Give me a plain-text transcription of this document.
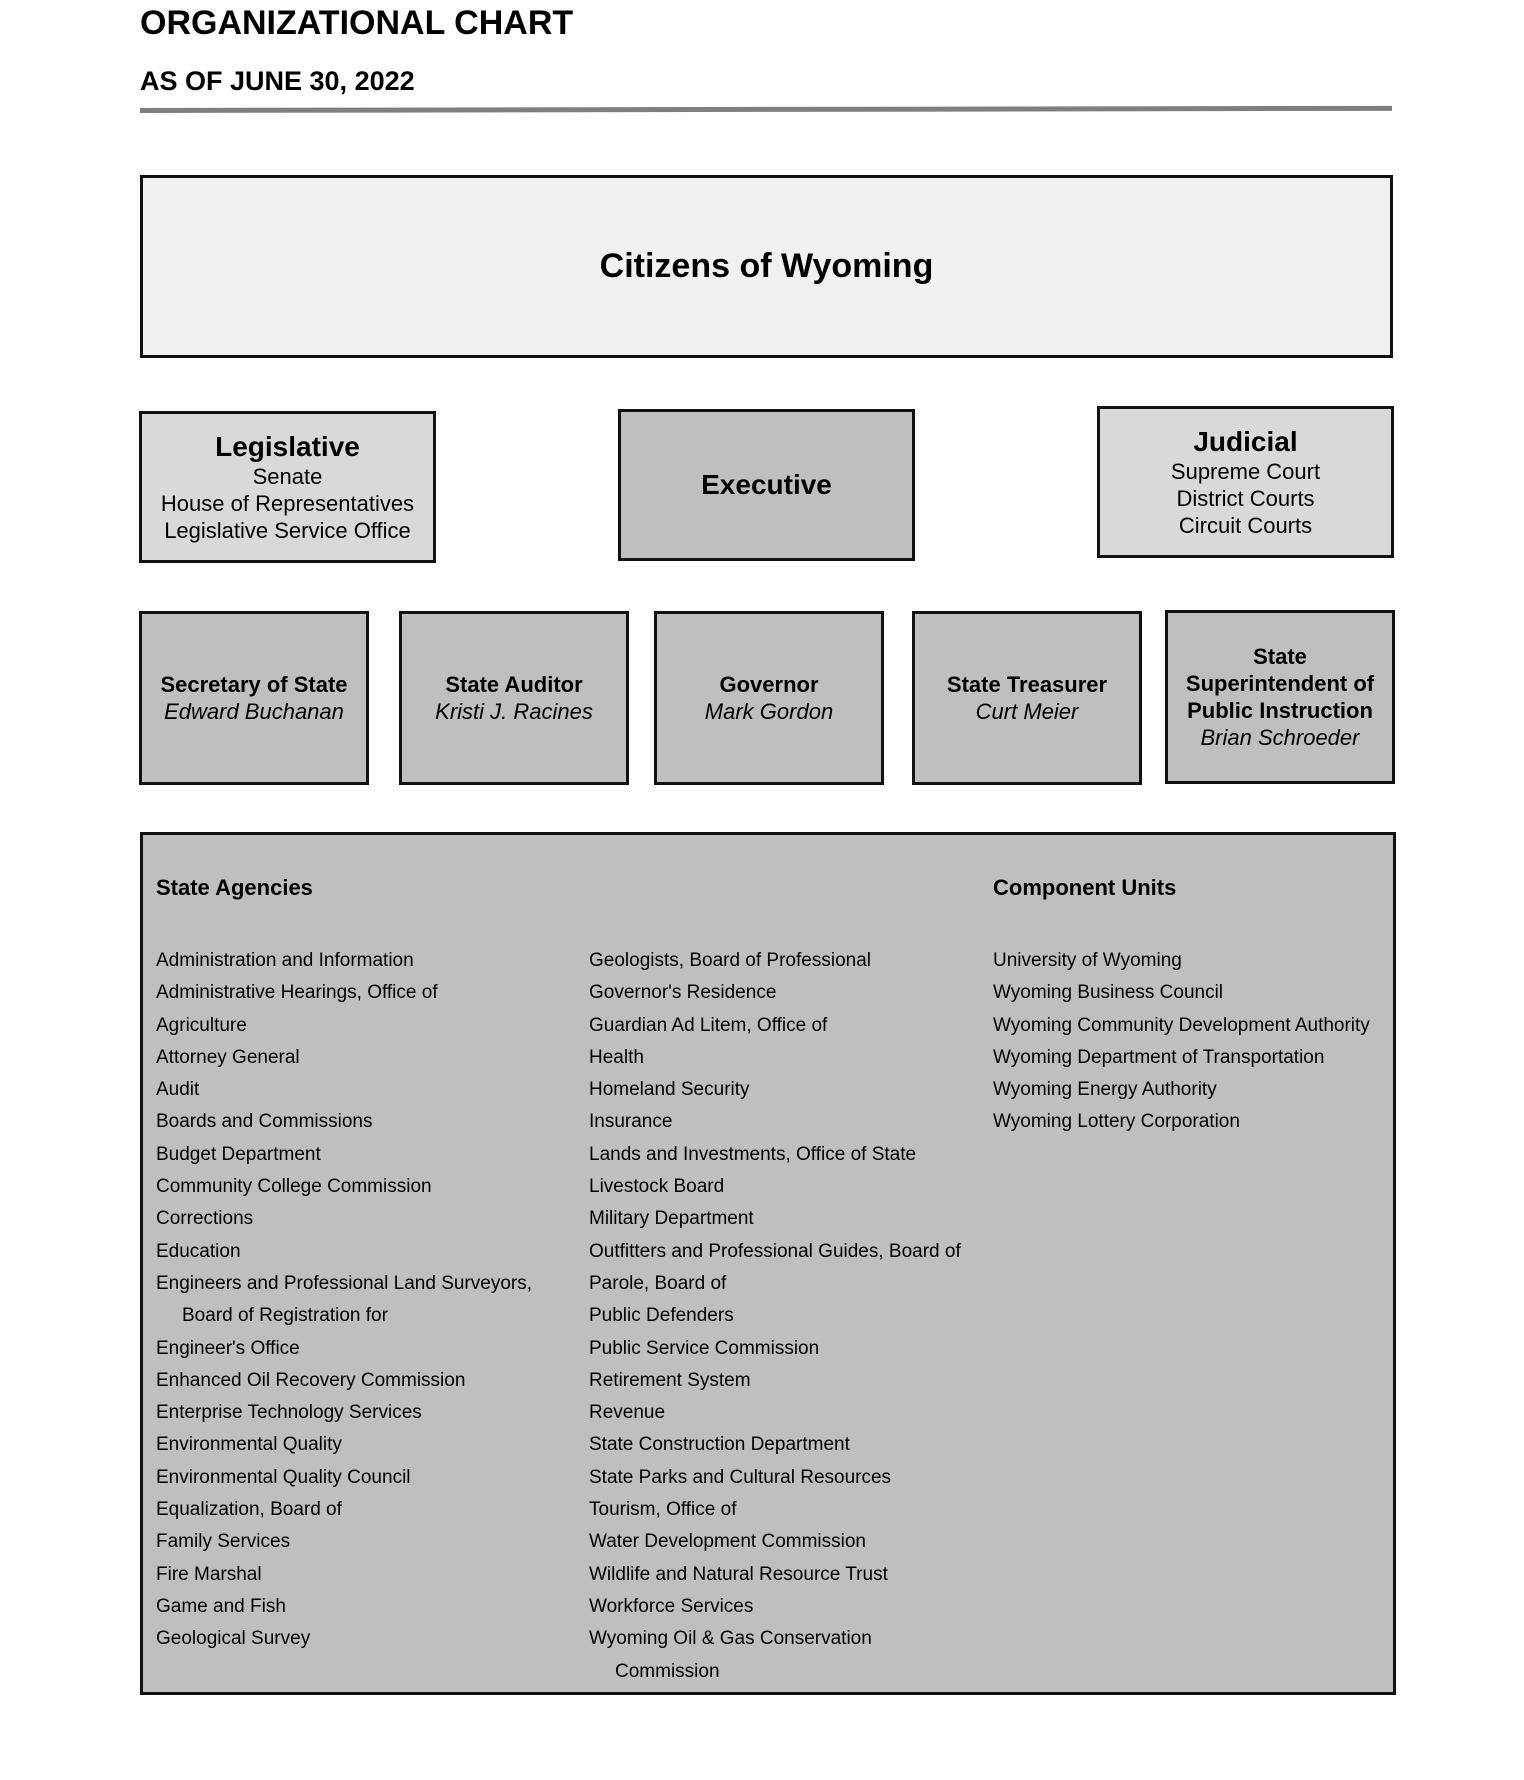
ORGANIZATIONAL CHART
AS OF JUNE 30, 2022
Citizens of Wyoming
Legislative
Senate
House of Representatives
Legislative Service Office
Executive
Judicial
Supreme Court
District Courts
Circuit Courts
Secretary of State
Edward Buchanan
State Auditor
Kristi J. Racines
Governor
Mark Gordon
State Treasurer
Curt Meier
State
Superintendent of
Public Instruction
Brian Schroeder
State Agencies	Component Units
Administration and Information
Administrative Hearings, Office of
Agriculture
Attorney General
Audit
Boards and Commissions
Budget Department
Community College Commission
Corrections
Education
Engineers and Professional Land Surveyors,
Board of Registration for
Engineer's Office
Enhanced Oil Recovery Commission
Enterprise Technology Services
Environmental Quality
Environmental Quality Council
Equalization, Board of
Family Services
Fire Marshal
Game and Fish
Geological Survey
Geologists, Board of Professional
Governor's Residence
Guardian Ad Litem, Office of
Health
Homeland Security
Insurance
Lands and Investments, Office of State
Livestock Board
Military Department
Outfitters and Professional Guides, Board of
Parole, Board of
Public Defenders
Public Service Commission
Retirement System
Revenue
State Construction Department
State Parks and Cultural Resources
Tourism, Office of
Water Development Commission
Wildlife and Natural Resource Trust
Workforce Services
Wyoming Oil & Gas Conservation
Commission
University of Wyoming
Wyoming Business Council
Wyoming Community Development Authority
Wyoming Department of Transportation
Wyoming Energy Authority
Wyoming Lottery Corporation
